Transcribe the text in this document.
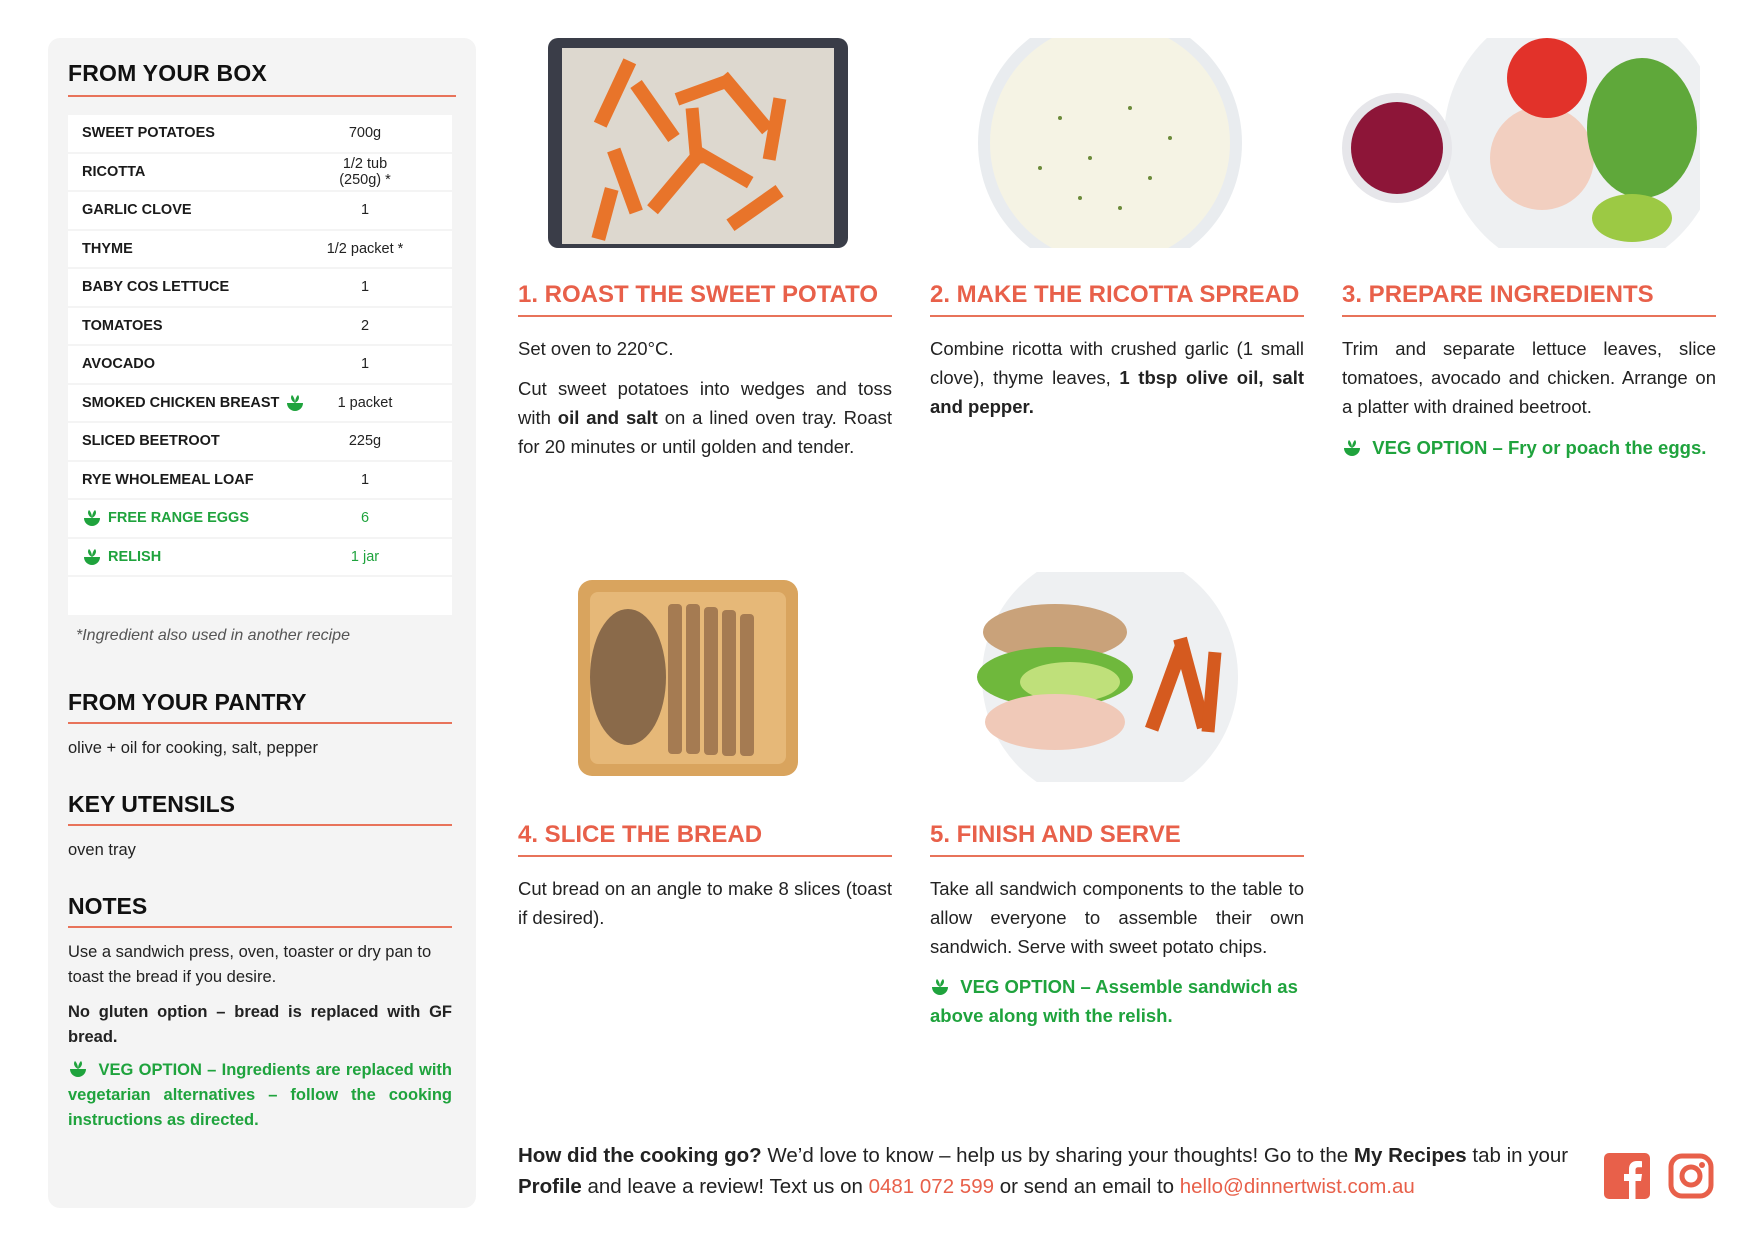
FROM YOUR BOX
SWEET POTATOES	700g
RICOTTA	1/2 tub (250g) *
GARLIC CLOVE	1
THYME	1/2 packet *
BABY COS LETTUCE	1
TOMATOES	2
AVOCADO	1
SMOKED CHICKEN BREAST	1 packet
SLICED BEETROOT	225g
RYE WHOLEMEAL LOAF	1
FREE RANGE EGGS	6
RELISH	1 jar
*Ingredient also used in another recipe
FROM YOUR PANTRY
olive + oil for cooking, salt, pepper
KEY UTENSILS
oven tray
NOTES
Use a sandwich press, oven, toaster or dry pan to toast the bread if you desire.
No gluten option – bread is replaced with GF bread.
VEG OPTION – Ingredients are replaced with vegetarian alternatives – follow the cooking instructions as directed.
1. ROAST THE SWEET POTATO
Set oven to 220°C.
Cut sweet potatoes into wedges and toss with oil and salt on a lined oven tray. Roast for 20 minutes or until golden and tender.
2. MAKE THE RICOTTA SPREAD
Combine ricotta with crushed garlic (1 small clove), thyme leaves, 1 tbsp olive oil, salt and pepper.
3. PREPARE INGREDIENTS
Trim and separate lettuce leaves, slice tomatoes, avocado and chicken. Arrange on a platter with drained beetroot.
VEG OPTION – Fry or poach the eggs.
4. SLICE THE BREAD
Cut bread on an angle to make 8 slices (toast if desired).
5. FINISH AND SERVE
Take all sandwich components to the table to allow everyone to assemble their own sandwich. Serve with sweet potato chips.
VEG OPTION – Assemble sandwich as above along with the relish.
How did the cooking go? We’d love to know – help us by sharing your thoughts! Go to the My Recipes tab in your Profile and leave a review! Text us on 0481 072 599 or send an email to hello@dinnertwist.com.au
